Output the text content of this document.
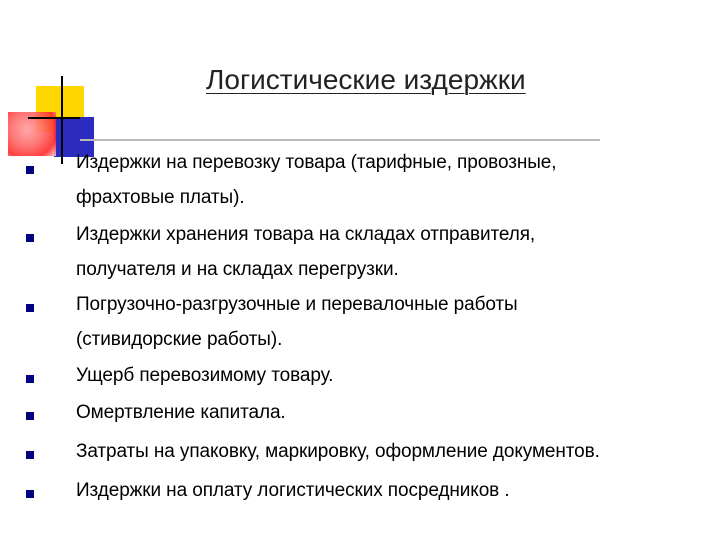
Логистические издержки
Издержки на перевозку товара (тарифные, провозные,
фрахтовые платы).
Издержки хранения товара на складах отправителя,
получателя и на складах перегрузки.
Погрузочно-разгрузочные и перевалочные работы
(стивидорские работы).
Ущерб перевозимому товару.
Омертвление капитала.
Затраты на упаковку, маркировку, оформление документов.
Издержки на оплату логистических посредников .
